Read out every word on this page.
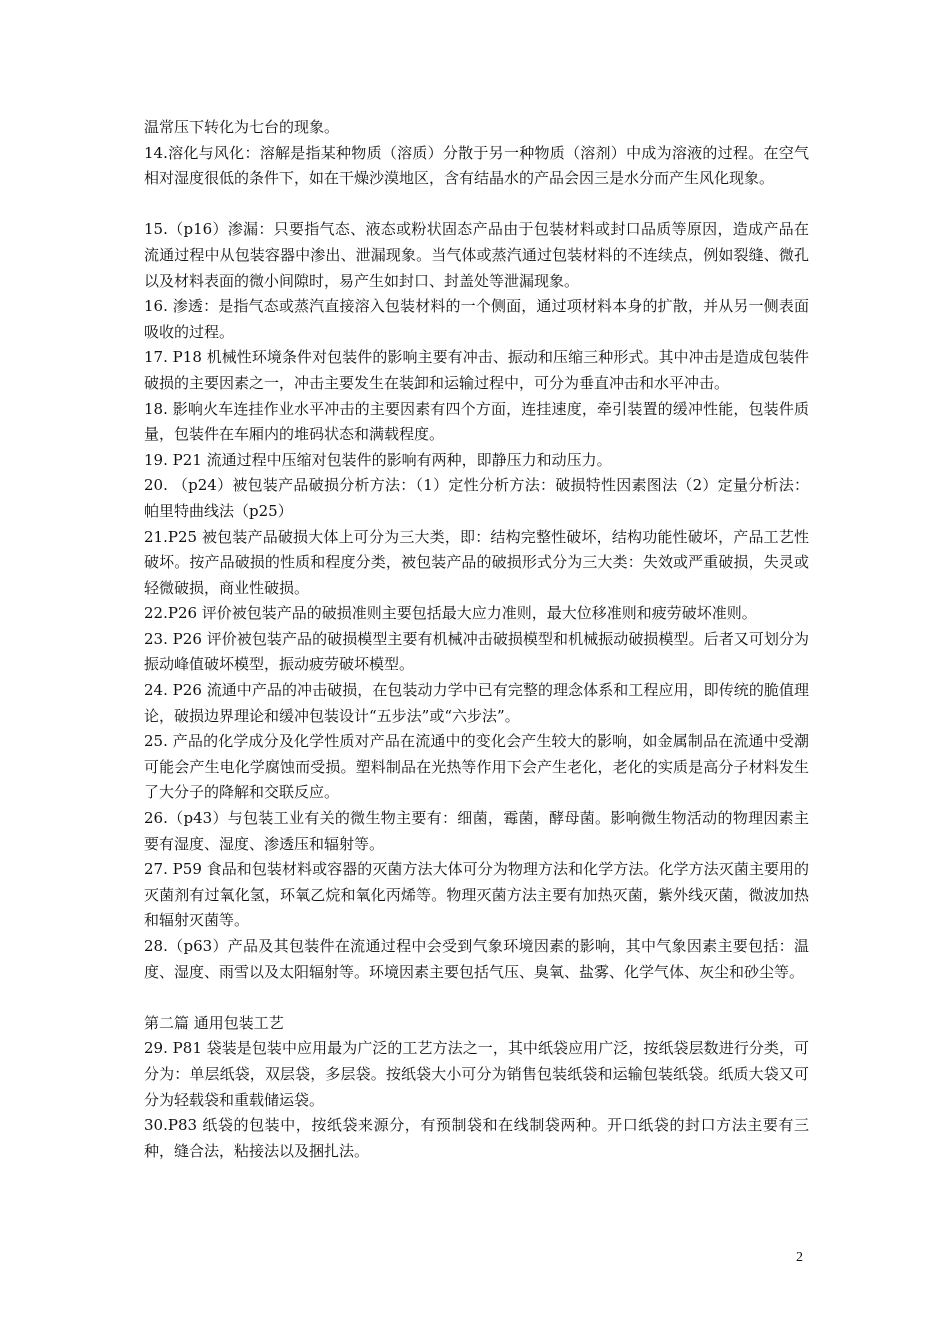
温常压下转化为七台的现象。

14.溶化与风化：溶解是指某种物质（溶质）分散于另一种物质（溶剂）中成为溶液的过程。在空气相对湿度很低的条件下，如在干燥沙漠地区，含有结晶水的产品会因三是水分而产生风化现象。

15.（p16）渗漏：只要指气态、液态或粉状固态产品由于包装材料或封口品质等原因，造成产品在流通过程中从包装容器中渗出、泄漏现象。当气体或蒸汽通过包装材料的不连续点，例如裂缝、微孔以及材料表面的微小间隙时，易产生如封口、封盖处等泄漏现象。

16. 渗透：是指气态或蒸汽直接溶入包装材料的一个侧面，通过项材料本身的扩散，并从另一侧表面吸收的过程。

17. P18 机械性环境条件对包装件的影响主要有冲击、振动和压缩三种形式。其中冲击是造成包装件破损的主要因素之一，冲击主要发生在装卸和运输过程中，可分为垂直冲击和水平冲击。

18. 影响火车连挂作业水平冲击的主要因素有四个方面，连挂速度，牵引装置的缓冲性能，包装件质量，包装件在车厢内的堆码状态和满载程度。

19. P21 流通过程中压缩对包装件的影响有两种，即静压力和动压力。

20. （p24）被包装产品破损分析方法：（1）定性分析方法：破损特性因素图法（2）定量分析法：帕里特曲线法（p25）

21.P25 被包装产品破损大体上可分为三大类，即：结构完整性破坏，结构功能性破坏，产品工艺性破坏。按产品破损的性质和程度分类，被包装产品的破损形式分为三大类：失效或严重破损，失灵或轻微破损，商业性破损。

22.P26 评价被包装产品的破损准则主要包括最大应力准则，最大位移准则和疲劳破坏准则。

23. P26 评价被包装产品的破损模型主要有机械冲击破损模型和机械振动破损模型。后者又可划分为振动峰值破坏模型，振动疲劳破坏模型。

24. P26 流通中产品的冲击破损，在包装动力学中已有完整的理念体系和工程应用，即传统的脆值理论，破损边界理论和缓冲包装设计“五步法”或“六步法”。

25. 产品的化学成分及化学性质对产品在流通中的变化会产生较大的影响，如金属制品在流通中受潮可能会产生电化学腐蚀而受损。塑料制品在光热等作用下会产生老化，老化的实质是高分子材料发生了大分子的降解和交联反应。

26.（p43）与包装工业有关的微生物主要有：细菌，霉菌，酵母菌。影响微生物活动的物理因素主要有湿度、湿度、渗透压和辐射等。

27. P59 食品和包装材料或容器的灭菌方法大体可分为物理方法和化学方法。化学方法灭菌主要用的灭菌剂有过氧化氢，环氧乙烷和氧化丙烯等。物理灭菌方法主要有加热灭菌，紫外线灭菌，微波加热和辐射灭菌等。

28.（p63）产品及其包装件在流通过程中会受到气象环境因素的影响，其中气象因素主要包括：温度、湿度、雨雪以及太阳辐射等。环境因素主要包括气压、臭氧、盐雾、化学气体、灰尘和砂尘等。

第二篇 通用包装工艺

29. P81 袋装是包装中应用最为广泛的工艺方法之一，其中纸袋应用广泛，按纸袋层数进行分类，可分为：单层纸袋，双层袋，多层袋。按纸袋大小可分为销售包装纸袋和运输包装纸袋。纸质大袋又可分为轻载袋和重载储运袋。

30.P83 纸袋的包装中，按纸袋来源分，有预制袋和在线制袋两种。开口纸袋的封口方法主要有三种，缝合法，粘接法以及捆扎法。

2
